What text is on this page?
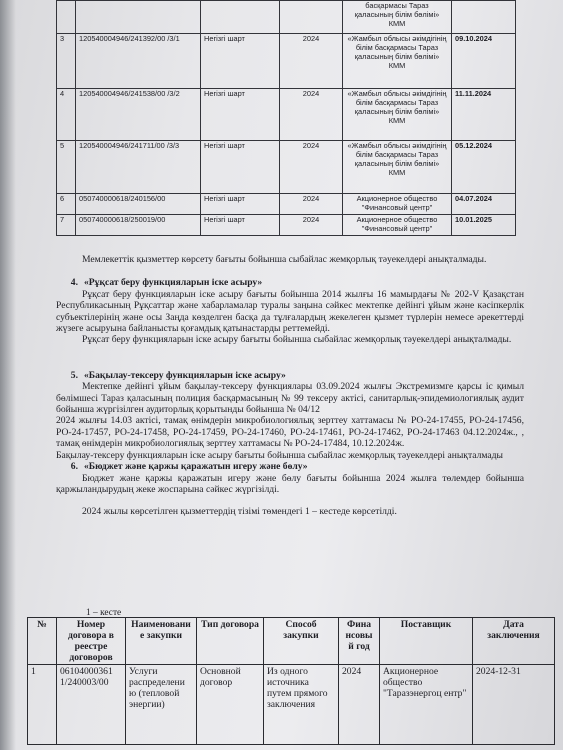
				басқармасы Тараз қаласының білім бөлімі» КММ	
3	120540004946/241392/00 /3/1	Негізгі шарт	2024	«Жамбыл облысы әкімдігінің білім басқармасы Тараз қаласының білім бөлімі» КММ	09.10.2024
4	120540004946/241538/00 /3/2	Негізгі шарт	2024	«Жамбыл облысы әкімдігінің білім басқармасы Тараз қаласының білім бөлімі» КММ	11.11.2024
5	120540004946/241711/00 /3/3	Негізгі шарт	2024	«Жамбыл облысы әкімдігінің білім басқармасы Тараз қаласының білім бөлімі» КММ	05.12.2024
6	050740000618/240156/00	Негізгі шарт	2024	Акционерное общество "Финансовый центр"	04.07.2024
7	050740000618/250019/00	Негізгі шарт	2024	Акционерное общество "Финансовый центр"	10.01.2025

Мемлекеттік қызметтер көрсету бағыты бойынша сыбайлас жемқорлық тәуекелдері анықталмады.

4. «Рұқсат беру функцияларын іске асыру»

Рұқсат беру функцияларын іске асыру бағыты бойынша 2014 жылғы 16 мамырдағы № 202-V Қазақстан Республикасының Рұқсаттар және хабарламалар туралы заңына сәйкес мектепке дейінгі ұйым және кәсіпкерлік субъектілерінің және осы Заңда көзделген басқа да тұлғалардың жекелеген қызмет түрлерін немесе әрекеттерді жүзеге асыруына байланысты қоғамдық қатынастарды реттемейді.

Рұқсат беру функцияларын іске асыру бағыты бойынша сыбайлас жемқорлық тәуекелдері анықталмады.

5. «Бақылау-тексеру функцияларын іске асыру»

Мектепке дейінгі ұйым бақылау-тексеру функциялары 03.09.2024 жылғы Экстремизмге қарсы іс қимыл бөлімшесі Тараз қаласының полиция басқармасының № 99 тексеру актісі, санитарлық-эпидемиологиялық аудит бойынша жүргізілген аудиторлық қорытынды бойынша № 04/12

2024 жылғы 14.03 актісі, тамақ өнімдерін микробиологиялық зерттеу хаттамасы № РО-24-17455, РО-24-17456, РО-24-17457, РО-24-17458, РО-24-17459, РО-24-17460, РО-24-17461, РО-24-17462, РО-24-17463 04.12.2024ж., , тамақ өнімдерін микробиологиялық зерттеу хаттамасы № РО-24-17484, 10.12.2024ж.

Бақылау-тексеру функцияларын іске асыру бағыты бойынша сыбайлас жемқорлық тәуекелдері анықталмады

6. «Бюджет және қаржы қаражатын игеру және бөлу»

Бюджет және қаржы қаражатын игеру және бөлу бағыты бойынша 2024 жылға төлемдер бойынша қаржыландырудың жеке жоспарына сәйкес жүргізілді.

2024 жылы көрсетілген қызметтердің тізімі төмендегі 1 – кестеде көрсетілді.

1 – кесте
№	Номер договора в реестре договоров	Наименовани е закупки	Тип договора	Способ закупки	Фина нсовы й год	Поставщик	Дата заключения
1	06104000361 1/240003/00	Услуги распределени ю (тепловой энергии)	Основной договор	Из одного источника путем прямого заключения	2024	Акционерное общество "Таразэнергоц ентр"	2024-12-31
